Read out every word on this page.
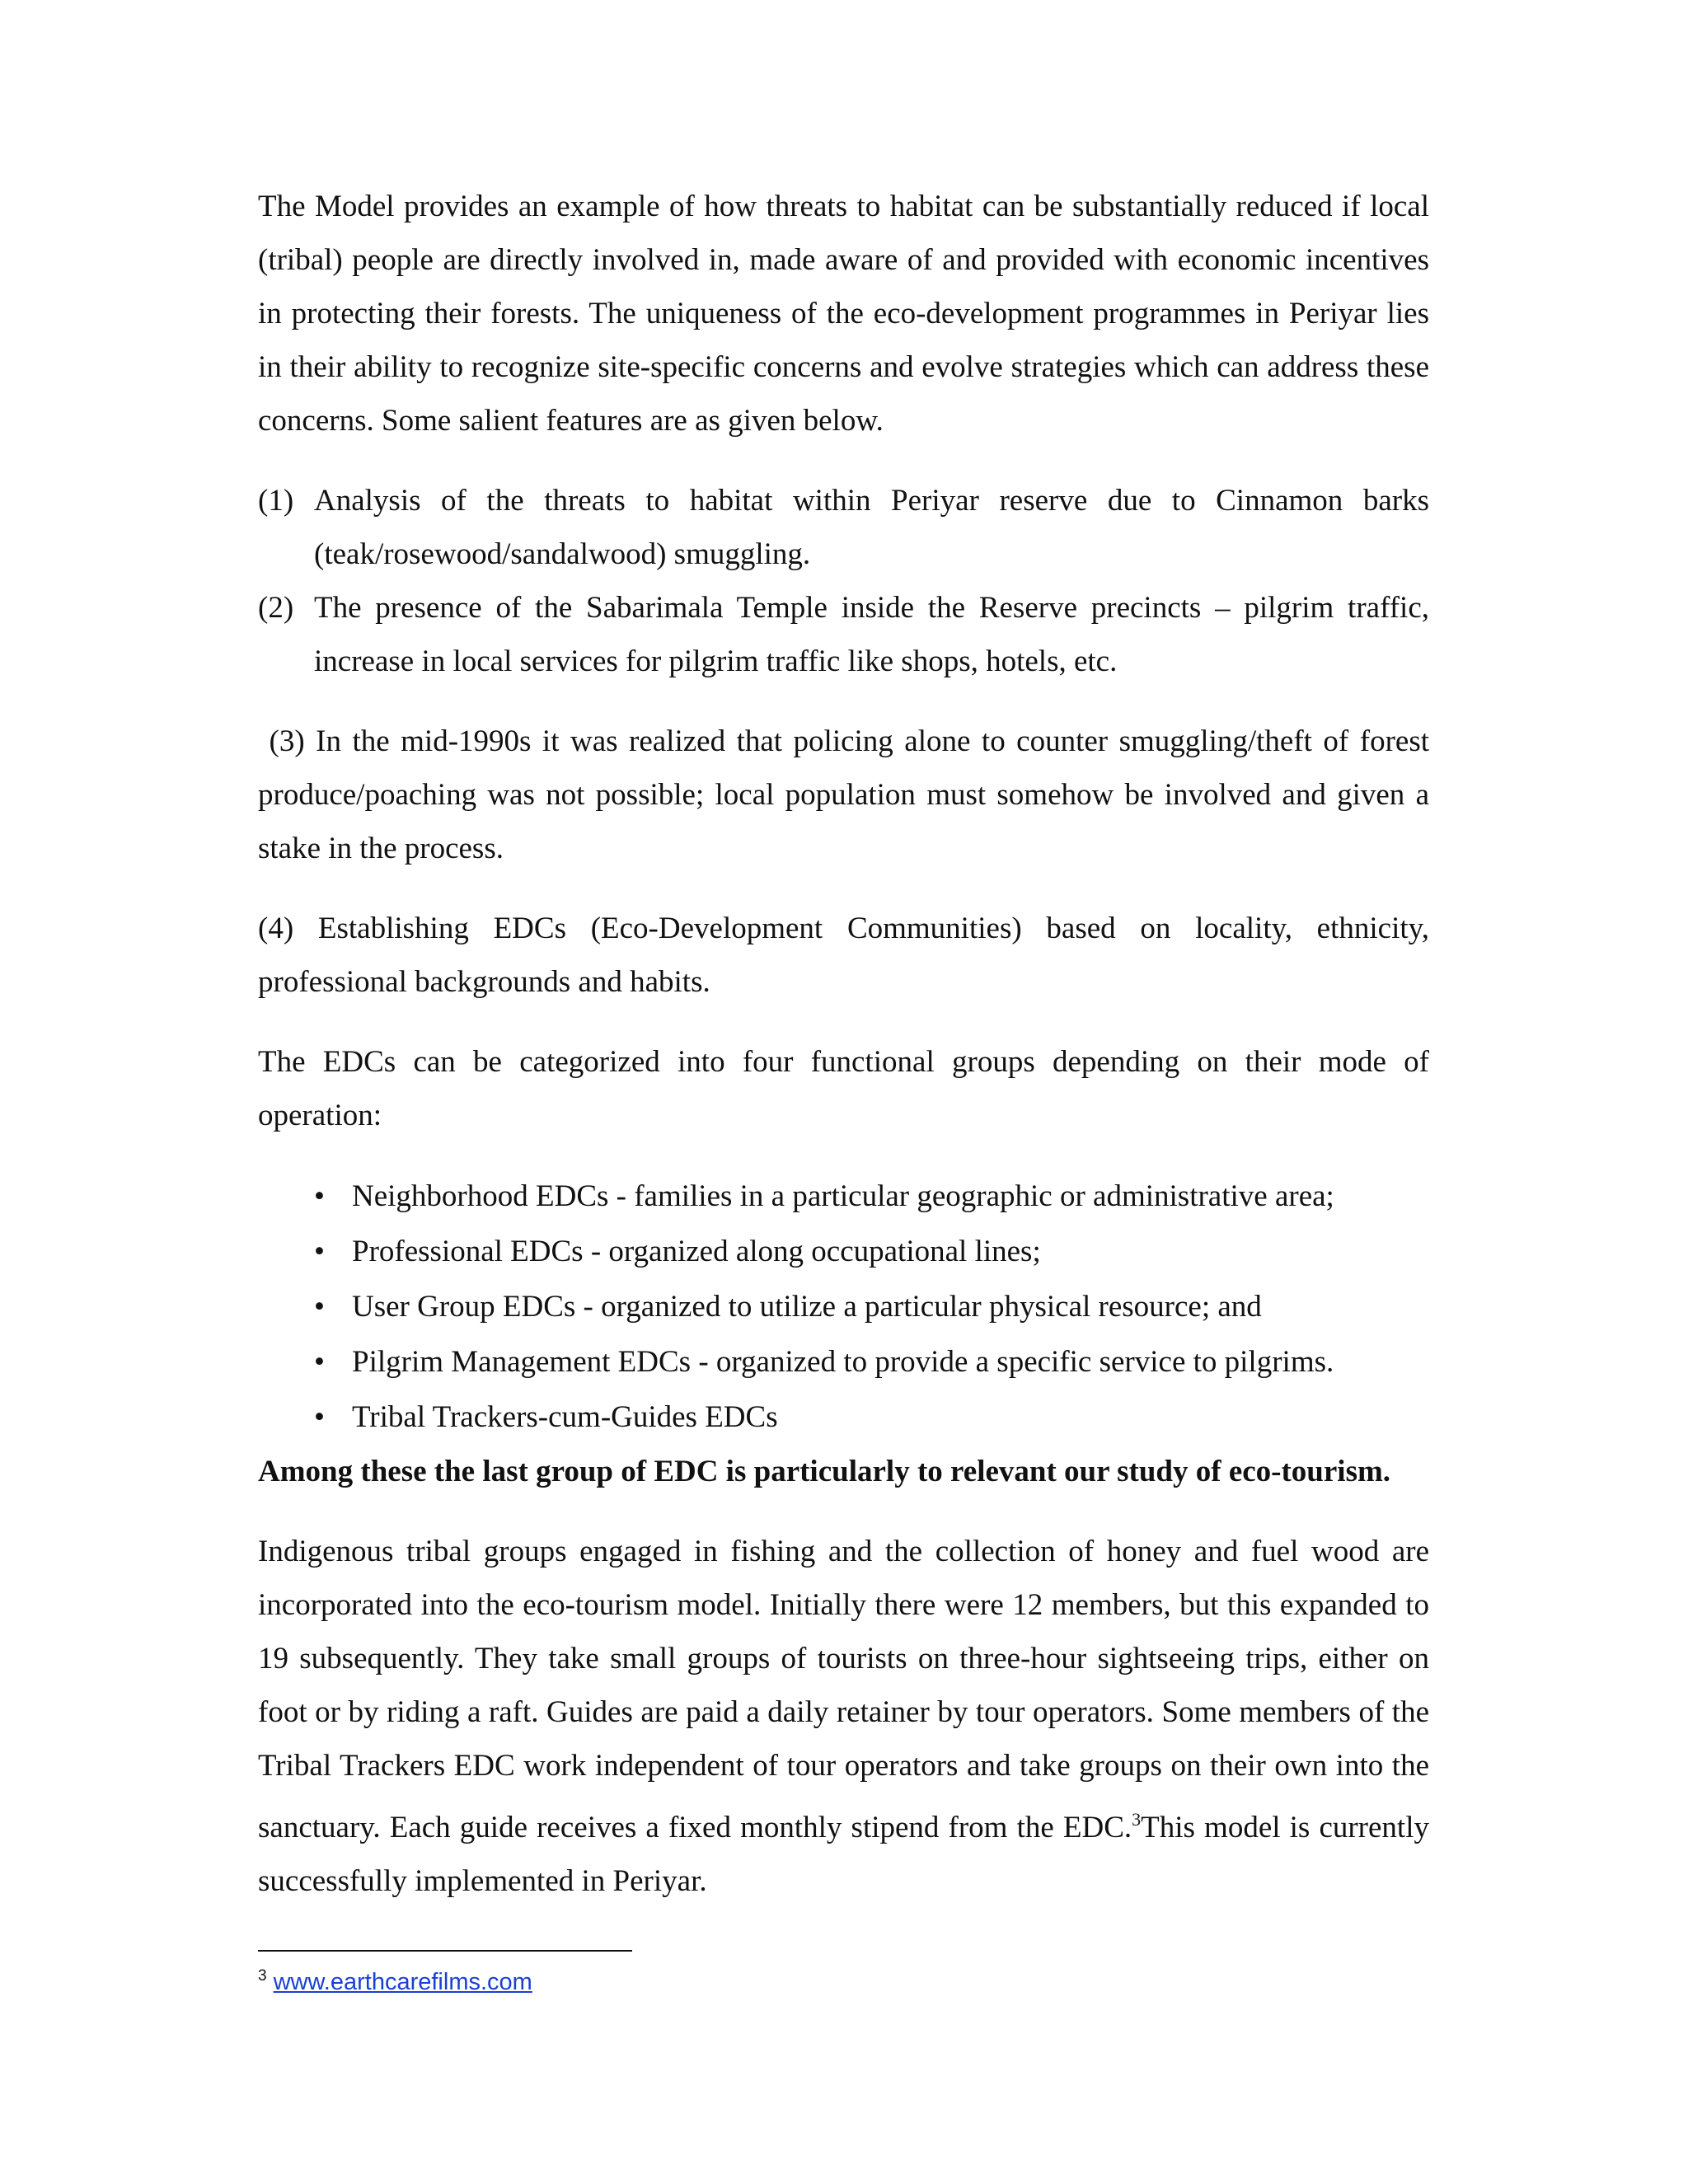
The Model provides an example of how threats to habitat can be substantially reduced if local (tribal) people are directly involved in, made aware of and provided with economic incentives in protecting their forests. The uniqueness of the eco-development programmes in Periyar lies in their ability to recognize site-specific concerns and evolve strategies which can address these concerns. Some salient features are as given below.

(1) Analysis of the threats to habitat within Periyar reserve due to Cinnamon barks (teak/rosewood/sandalwood) smuggling.
(2) The presence of the Sabarimala Temple inside the Reserve precincts – pilgrim traffic, increase in local services for pilgrim traffic like shops, hotels, etc.

(3) In the mid-1990s it was realized that policing alone to counter smuggling/theft of forest produce/poaching was not possible; local population must somehow be involved and given a stake in the process.

(4) Establishing EDCs (Eco-Development Communities) based on locality, ethnicity, professional backgrounds and habits.

The EDCs can be categorized into four functional groups depending on their mode of operation:

• Neighborhood EDCs - families in a particular geographic or administrative area;
• Professional EDCs - organized along occupational lines;
• User Group EDCs - organized to utilize a particular physical resource; and
• Pilgrim Management EDCs - organized to provide a specific service to pilgrims.
• Tribal Trackers-cum-Guides EDCs

Among these the last group of EDC is particularly to relevant our study of eco-tourism.

Indigenous tribal groups engaged in fishing and the collection of honey and fuel wood are incorporated into the eco-tourism model. Initially there were 12 members, but this expanded to 19 subsequently. They take small groups of tourists on three-hour sightseeing trips, either on foot or by riding a raft. Guides are paid a daily retainer by tour operators. Some members of the Tribal Trackers EDC work independent of tour operators and take groups on their own into the sanctuary. Each guide receives a fixed monthly stipend from the EDC.$^3$This model is currently successfully implemented in Periyar.

$^3$ www.earthcarefilms.com
